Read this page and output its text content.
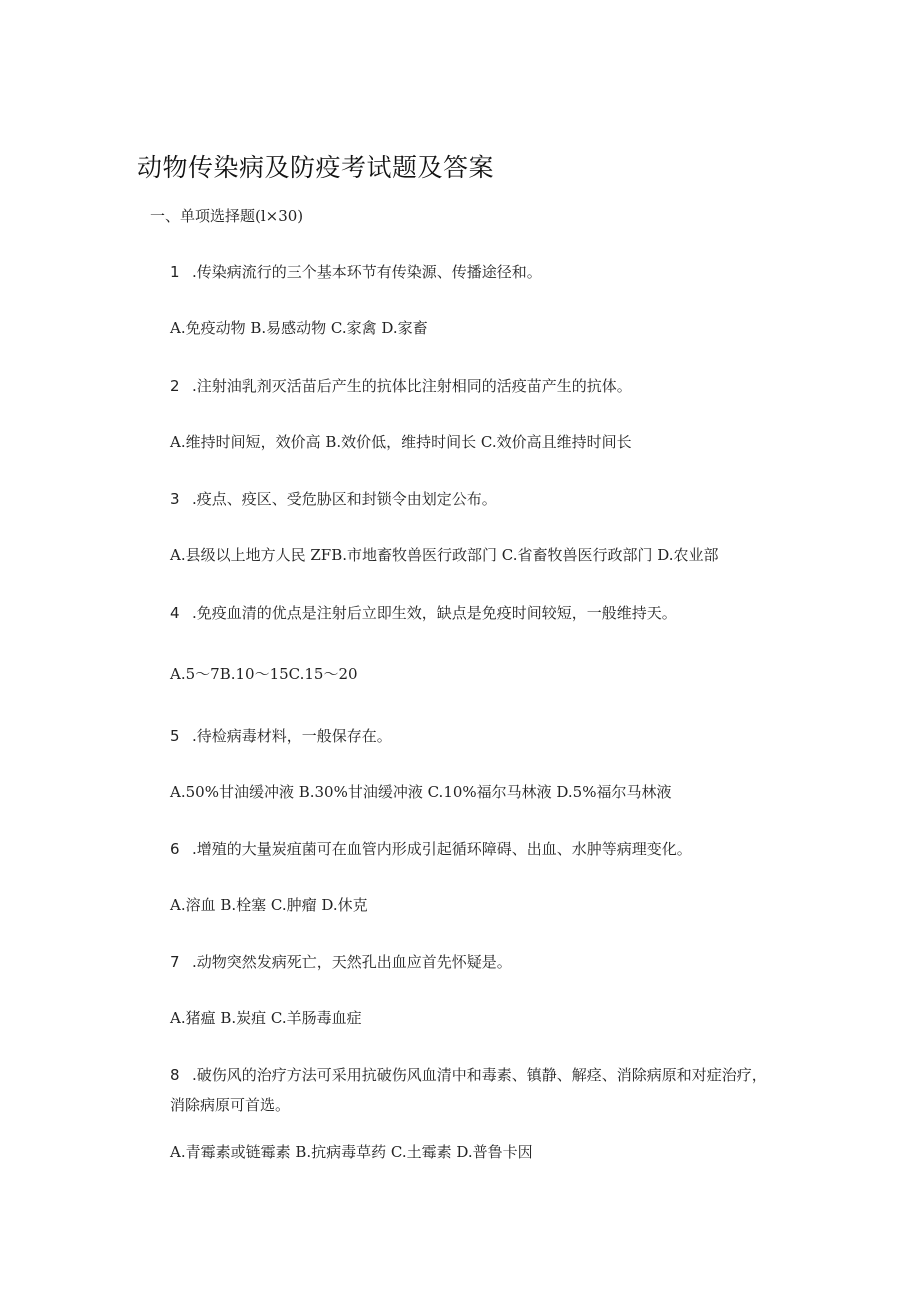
动物传染病及防疫考试题及答案
一、单项选择题(l×30)
1 .传染病流行的三个基本环节有传染源、传播途径和。
A.免疫动物 B.易感动物 C.家禽 D.家畜
2 .注射油乳剂灭活苗后产生的抗体比注射相同的活疫苗产生的抗体。
A.维持时间短，效价高 B.效价低，维持时间长 C.效价高且维持时间长
3 .疫点、疫区、受危胁区和封锁令由划定公布。
A.县级以上地方人民 ZFB.市地畜牧兽医行政部门 C.省畜牧兽医行政部门 D.农业部
4 .免疫血清的优点是注射后立即生效，缺点是免疫时间较短，一般维持天。
A.5～7B.10～15C.15～20
5 .待检病毒材料，一般保存在。
A.50%甘油缓冲液 B.30%甘油缓冲液 C.10%福尔马林液 D.5%福尔马林液
6 .增殖的大量炭疽菌可在血管内形成引起循环障碍、出血、水肿等病理变化。
A.溶血 B.栓塞 C.肿瘤 D.休克
7 .动物突然发病死亡，天然孔出血应首先怀疑是。
A.猪瘟 B.炭疽 C.羊肠毒血症
8 .破伤风的治疗方法可采用抗破伤风血清中和毒素、镇静、解痉、消除病原和对症治疗，消除病原可首选。
A.青霉素或链霉素 B.抗病毒草药 C.土霉素 D.普鲁卡因
